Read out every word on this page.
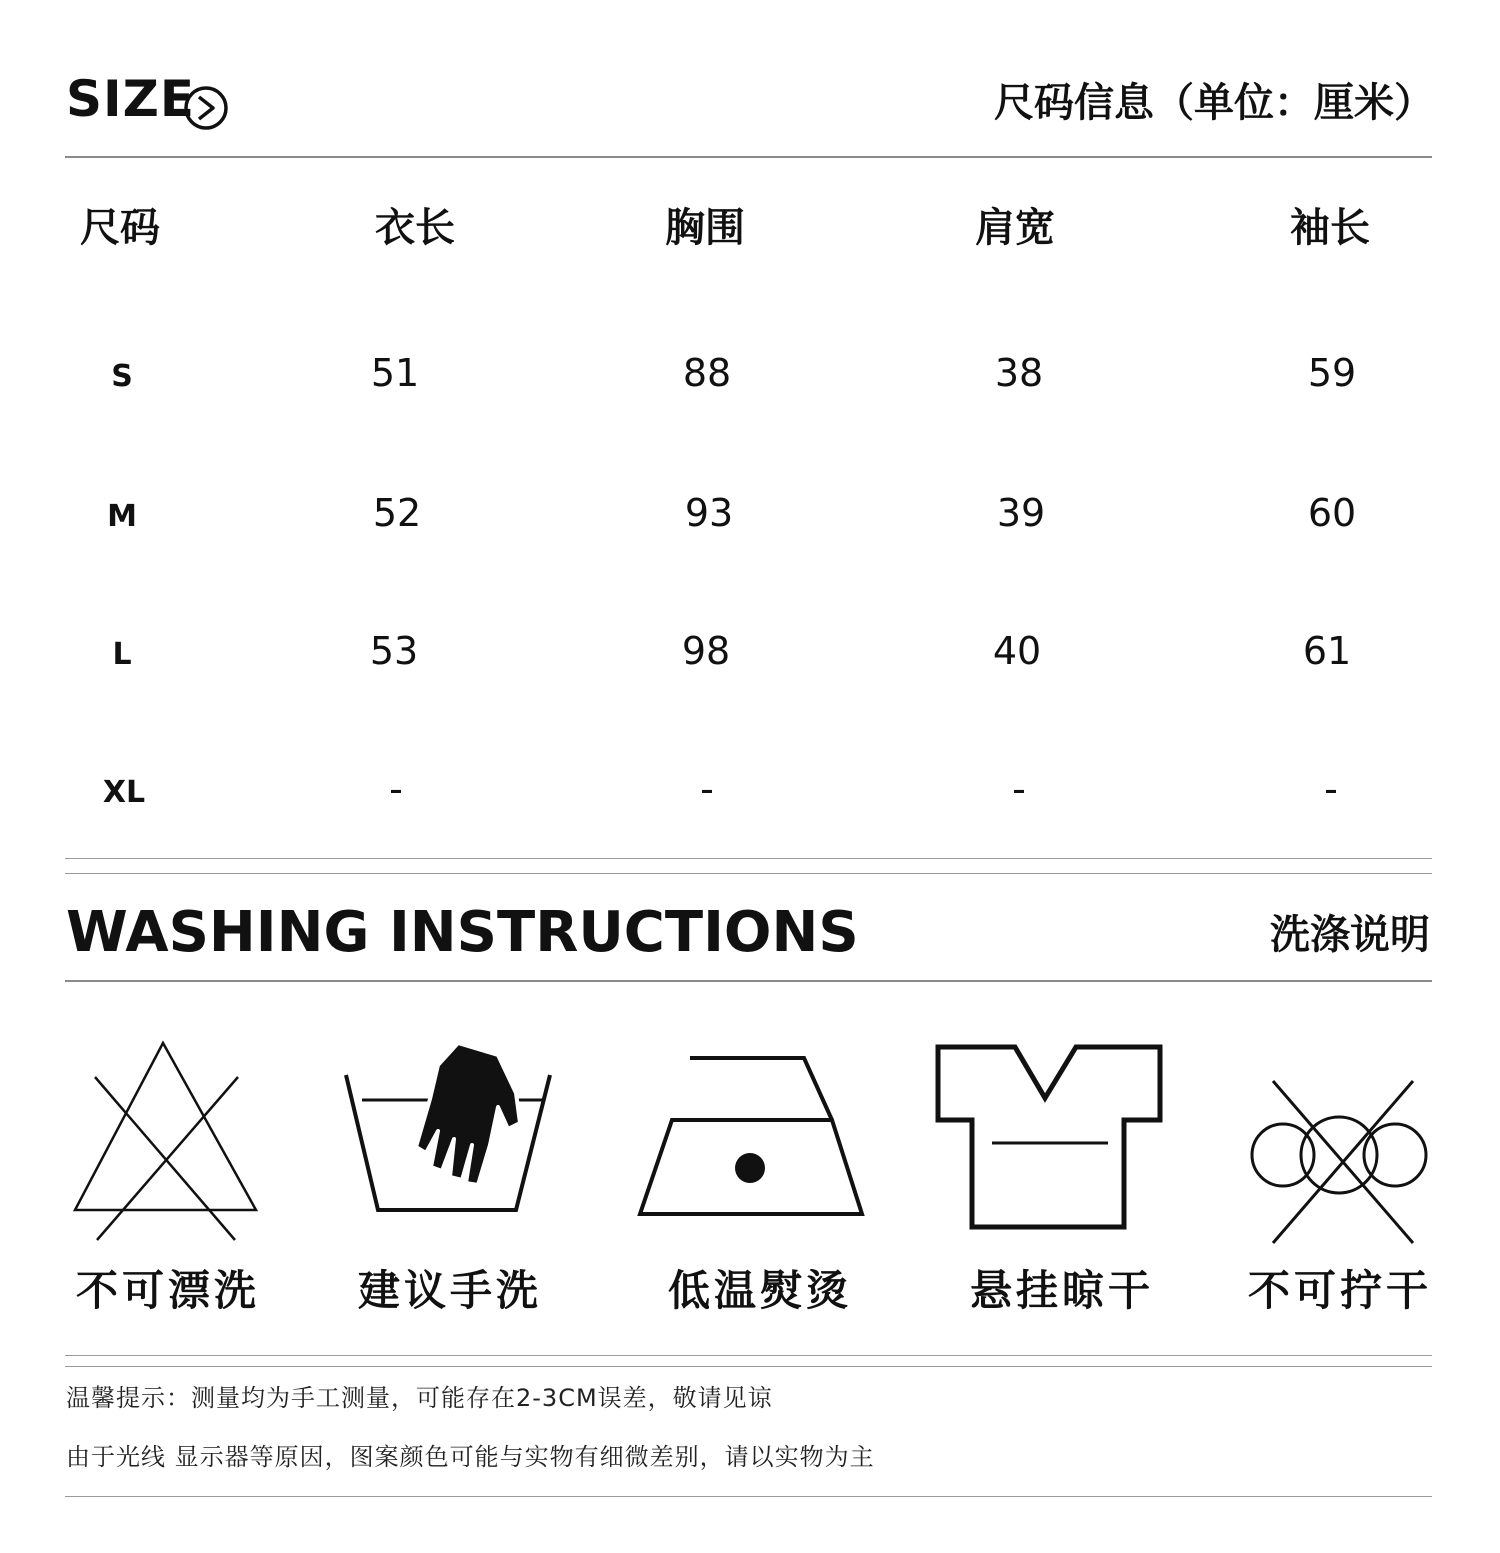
SIZE	尺码信息（单位：厘米）
尺码	衣长	胸围	肩宽	袖长
S	51	88	38	59
M	52	93	39	60
L	53	98	40	61
XL	-	-	-	-
WASHING INSTRUCTIONS	洗涤说明
不可漂洗 建议手洗	低温熨烫	悬挂晾干 不可拧干
温馨提示：测量均为手工测量，可能存在2-3CM误差，敬请见谅
由于光线 显示器等原因，图案颜色可能与实物有细微差别，请以实物为主
